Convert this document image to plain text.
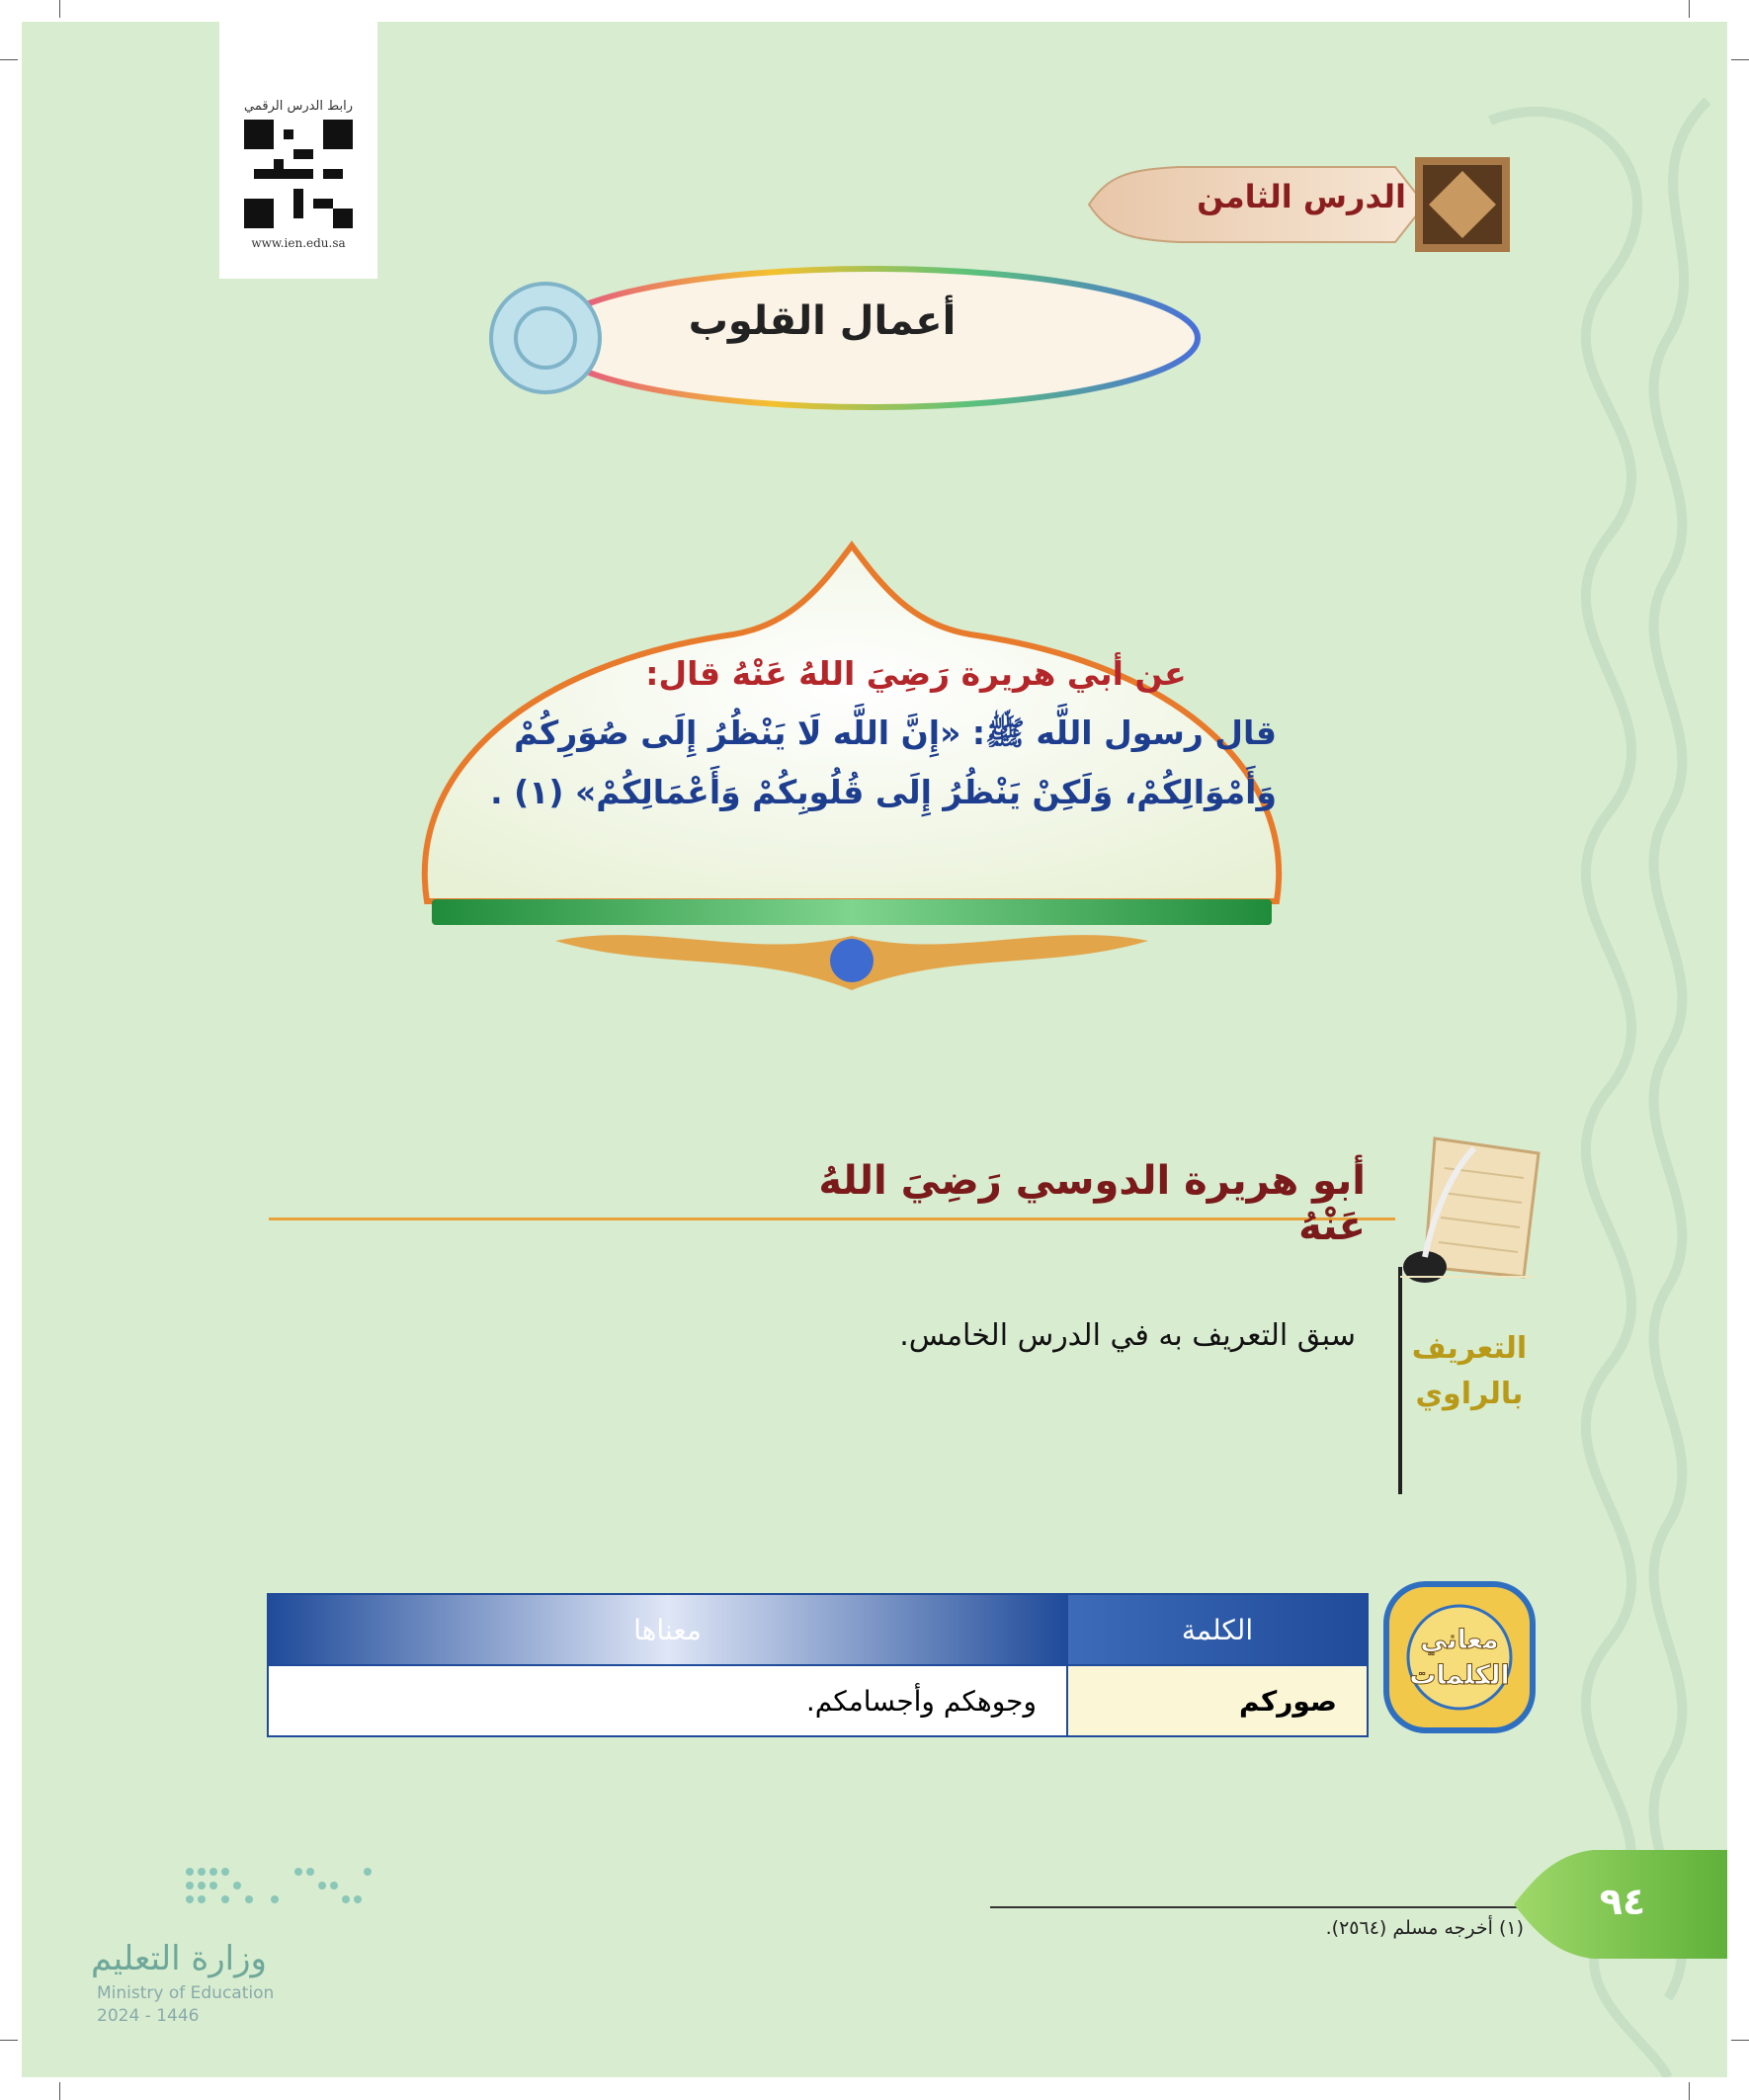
رابط الدرس الرقمي
www.ien.edu.sa
الدرس الثامن
أعمال القلوب
عن أبي هريرة رَضِيَ اللهُ عَنْهُ قال:
قال رسول اللَّه ﷺ: «إِنَّ اللَّه لَا يَنْظُرُ إِلَى صُوَرِكُمْ
وَأَمْوَالِكُمْ، وَلَكِنْ يَنْظُرُ إِلَى قُلُوبِكُمْ وَأَعْمَالِكُمْ» (١) .
أبو هريرة الدوسي رَضِيَ اللهُ عَنْهُ
التعريف
بالراوي
سبق التعريف به في الدرس الخامس.
معاني
الكلمات
الكلمة	معناها
صوركم	وجوهكم وأجسامكم.
(١) أخرجه مسلم (٢٥٦٤).
٩٤
وزارة التعليم
Ministry of Education
2024 - 1446
